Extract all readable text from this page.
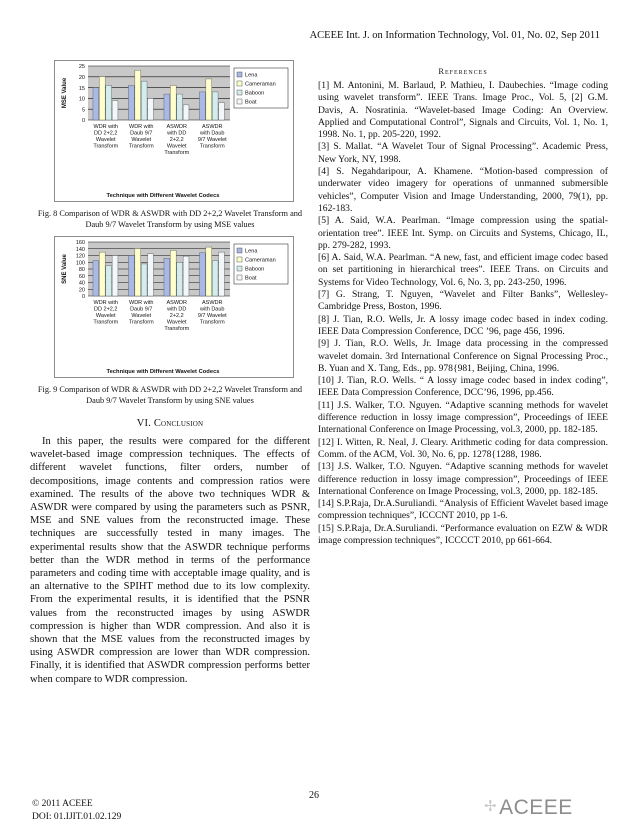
ACEEE Int. J. on Information Technology, Vol. 01, No. 02, Sep 2011
0
5
10
15
20
25
MSE Value
WDR with
DD 2+2,2
Wavelet
Transform
WDR with
Daub 9/7
Wavelet
Transform
ASWDR
with DD
2+2,2
Wavelet
Transform
ASWDR
with Daub
9/7 Wavelet
Transform
Technique with Different Wavelet Codecs
Lena
Cameraman
Baboon
Boat
Fig. 8 Comparison of WDR & ASWDR with DD 2+2,2 Wavelet Transform and Daub 9/7 Wavelet Transform by using MSE values
0
20
40
60
80
100
120
140
160
SNE Value
WDR with
DD 2+2,2
Wavelet
Transform
WDR with
Daub 9/7
Wavelet
Transform
ASWDR
with DD
2+2,2
Wavelet
Transform
ASWDR
with Daub
9/7 Wavelet
Transform
Technique with Different Wavelet Codecs
Lena
Cameraman
Baboon
Boat
Fig. 9 Comparison of WDR & ASWDR with DD 2+2,2 Wavelet Transform and Daub 9/7 Wavelet Transform by using SNE values
VI. Conclusion

In this paper, the results were compared for the different wavelet-based image compression techniques. The effects of different wavelet functions, filter orders, number of decompositions, image contents and compression ratios were examined. The results of the above two techniques WDR & ASWDR were compared by using the parameters such as PSNR, MSE and SNE values from the reconstructed image. These techniques are successfully tested in many images. The experimental results show that the ASWDR technique performs better than the WDR method in terms of the performance parameters and coding time with acceptable image quality, and is an alternative to the SPIHT method due to its low complexity. From the experimental results, it is identified that the PSNR values from the reconstructed images by using ASWDR compression is higher than WDR compression. And also it is shown that the MSE values from the reconstructed images by using ASWDR compression are lower than WDR compression. Finally, it is identified that ASWDR compression performs better when compare to WDR compression.

References

[1] M. Antonini, M. Barlaud, P. Mathieu, I. Daubechies. “Image coding using wavelet transform”. IEEE Trans. Image Proc., Vol. 5, [2] G.M. Davis, A. Nosratinia. “Wavelet-based Image Coding: An Overview. Applied and Computational Control”, Signals and Circuits, Vol. 1, No. 1, 1998. No. 1, pp. 205-220, 1992.

[3] S. Mallat. “A Wavelet Tour of Signal Processing”. Academic Press, New York, NY, 1998.

[4] S. Negahdaripour, A. Khamene. “Motion-based compression of underwater video imagery for operations of unmanned submersible vehicles”, Computer Vision and Image Understanding, 2000, 79(1), pp. 162-183.

[5] A. Said, W.A. Pearlman. “Image compression using the spatial-orientation tree”. IEEE Int. Symp. on Circuits and Systems, Chicago, IL, pp. 279-282, 1993.

[6] A. Said, W.A. Pearlman. “A new, fast, and efficient image codec based on set partitioning in hierarchical trees”. IEEE Trans. on Circuits and Systems for Video Technology, Vol. 6, No. 3, pp. 243-250, 1996.

[7] G. Strang, T. Nguyen, “Wavelet and Filter Banks”, Wellesley-Cambridge Press, Boston, 1996.

[8] J. Tian, R.O. Wells, Jr. A lossy image codec based in index coding. IEEE Data Compression Conference, DCC ’96, page 456, 1996.

[9] J. Tian, R.O. Wells, Jr. Image data processing in the compressed wavelet domain. 3rd International Conference on Signal Processing Proc., B. Yuan and X. Tang, Eds., pp. 978{981, Beijing, China, 1996.

[10] J. Tian, R.O. Wells. “ A lossy image codec based in index coding”, IEEE Data Compression Conference, DCC’96, 1996, pp.456.

[11] J.S. Walker, T.O. Nguyen. “Adaptive scanning methods for wavelet difference reduction in lossy image compression”, Proceedings of IEEE International Conference on Image Processing, vol.3, 2000, pp. 182-185.

[12] I. Witten, R. Neal, J. Cleary. Arithmetic coding for data compression. Comm. of the ACM, Vol. 30, No. 6, pp. 1278{1288, 1986.

[13] J.S. Walker, T.O. Nguyen. “Adaptive scanning methods for wavelet difference reduction in lossy image compression”, Proceedings of IEEE International Conference on Image Processing, vol.3, 2000, pp. 182-185.

[14] S.P.Raja, Dr.A.Suruliandi. “Analysis of Efficient Wavelet based image compression techniques”, ICCCNT 2010, pp 1-6.

[15] S.P.Raja, Dr.A.Suruliandi. “Performance evaluation on EZW & WDR image compression techniques”, ICCCCT 2010, pp 661-664.

26
© 2011 ACEEE
DOI: 01.IJIT.01.02.129
✢ACEEE
